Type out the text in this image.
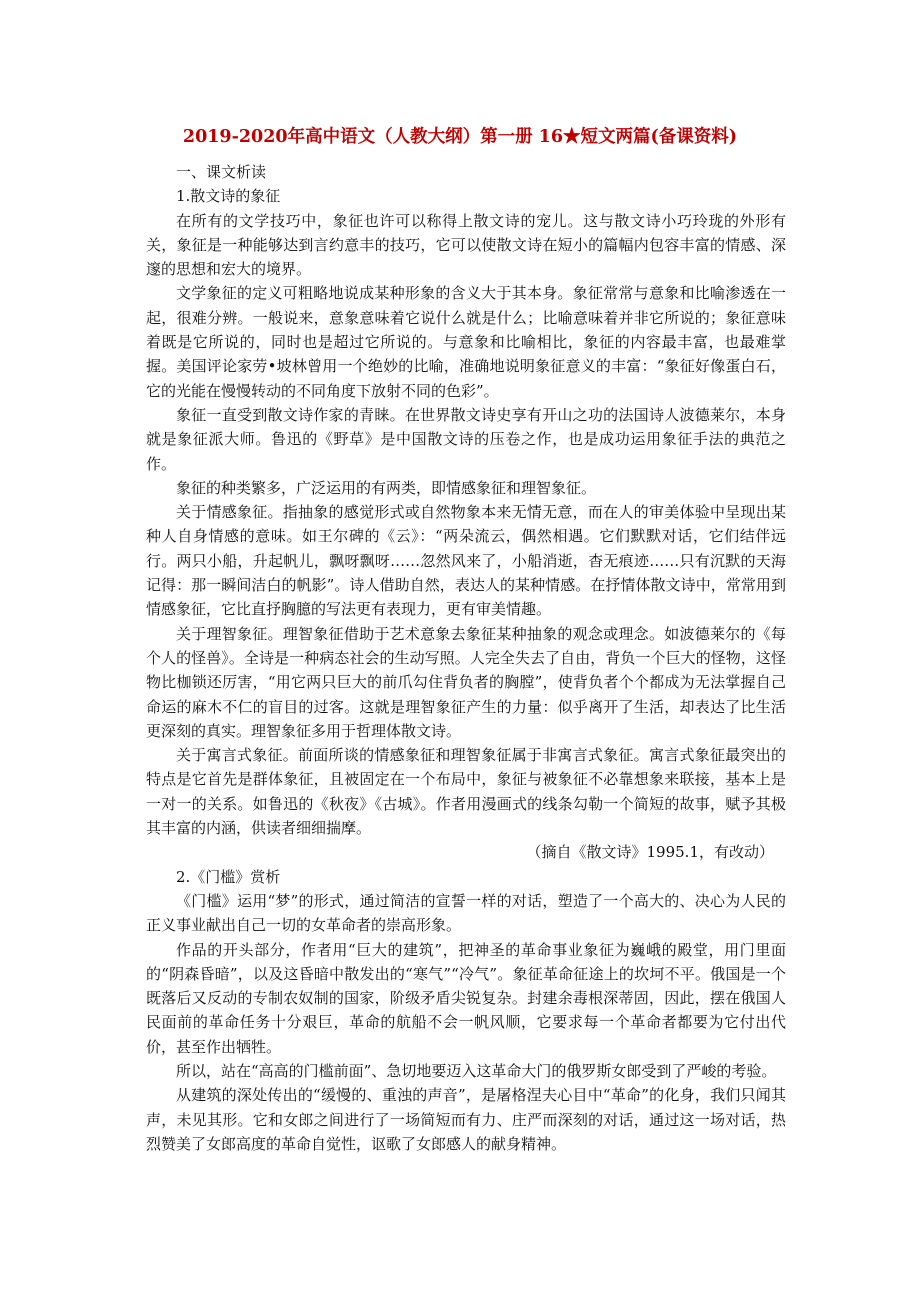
2019-2020年高中语文（人教大纲）第一册 16★短文两篇(备课资料)

一、课文析读

1.散文诗的象征

在所有的文学技巧中，象征也许可以称得上散文诗的宠儿。这与散文诗小巧玲珑的外形有关，象征是一种能够达到言约意丰的技巧，它可以使散文诗在短小的篇幅内包容丰富的情感、深邃的思想和宏大的境界。

文学象征的定义可粗略地说成某种形象的含义大于其本身。象征常常与意象和比喻渗透在一起，很难分辨。一般说来，意象意味着它说什么就是什么；比喻意味着并非它所说的；象征意味着既是它所说的，同时也是超过它所说的。与意象和比喻相比，象征的内容最丰富，也最难掌握。美国评论家劳•坡林曾用一个绝妙的比喻，准确地说明象征意义的丰富：“象征好像蛋白石，它的光能在慢慢转动的不同角度下放射不同的色彩”。

象征一直受到散文诗作家的青睐。在世界散文诗史享有开山之功的法国诗人波德莱尔，本身就是象征派大师。鲁迅的《野草》是中国散文诗的压卷之作，也是成功运用象征手法的典范之作。

象征的种类繁多，广泛运用的有两类，即情感象征和理智象征。

关于情感象征。指抽象的感觉形式或自然物象本来无情无意，而在人的审美体验中呈现出某种人自身情感的意味。如王尔碑的《云》：“两朵流云，偶然相遇。它们默默对话，它们结伴远行。两只小船，升起帆儿，飘呀飘呀……忽然风来了，小船消逝，杳无痕迹……只有沉默的天海记得：那一瞬间洁白的帆影”。诗人借助自然，表达人的某种情感。在抒情体散文诗中，常常用到情感象征，它比直抒胸臆的写法更有表现力，更有审美情趣。

关于理智象征。理智象征借助于艺术意象去象征某种抽象的观念或理念。如波德莱尔的《每个人的怪兽》。全诗是一种病态社会的生动写照。人完全失去了自由，背负一个巨大的怪物，这怪物比枷锁还厉害，“用它两只巨大的前爪勾住背负者的胸膛”，使背负者个个都成为无法掌握自己命运的麻木不仁的盲目的过客。这就是理智象征产生的力量：似乎离开了生活，却表达了比生活更深刻的真实。理智象征多用于哲理体散文诗。

关于寓言式象征。前面所谈的情感象征和理智象征属于非寓言式象征。寓言式象征最突出的特点是它首先是群体象征，且被固定在一个布局中，象征与被象征不必靠想象来联接，基本上是一对一的关系。如鲁迅的《秋夜》《古城》。作者用漫画式的线条勾勒一个简短的故事，赋予其极其丰富的内涵，供读者细细揣摩。

（摘自《散文诗》1995.1，有改动）

2.《门槛》赏析

《门槛》运用“梦”的形式，通过简洁的宣誓一样的对话，塑造了一个高大的、决心为人民的正义事业献出自己一切的女革命者的崇高形象。

作品的开头部分，作者用“巨大的建筑”，把神圣的革命事业象征为巍峨的殿堂，用门里面的“阴森昏暗”，以及这昏暗中散发出的“寒气”“冷气”。象征革命征途上的坎坷不平。俄国是一个既落后又反动的专制农奴制的国家，阶级矛盾尖锐复杂。封建余毒根深蒂固，因此，摆在俄国人民面前的革命任务十分艰巨，革命的航船不会一帆风顺，它要求每一个革命者都要为它付出代价，甚至作出牺牲。

所以，站在“高高的门槛前面”、急切地要迈入这革命大门的俄罗斯女郎受到了严峻的考验。

从建筑的深处传出的“缓慢的、重浊的声音”，是屠格涅夫心目中“革命”的化身，我们只闻其声，未见其形。它和女郎之间进行了一场简短而有力、庄严而深刻的对话，通过这一场对话，热烈赞美了女郎高度的革命自觉性，讴歌了女郎感人的献身精神。
